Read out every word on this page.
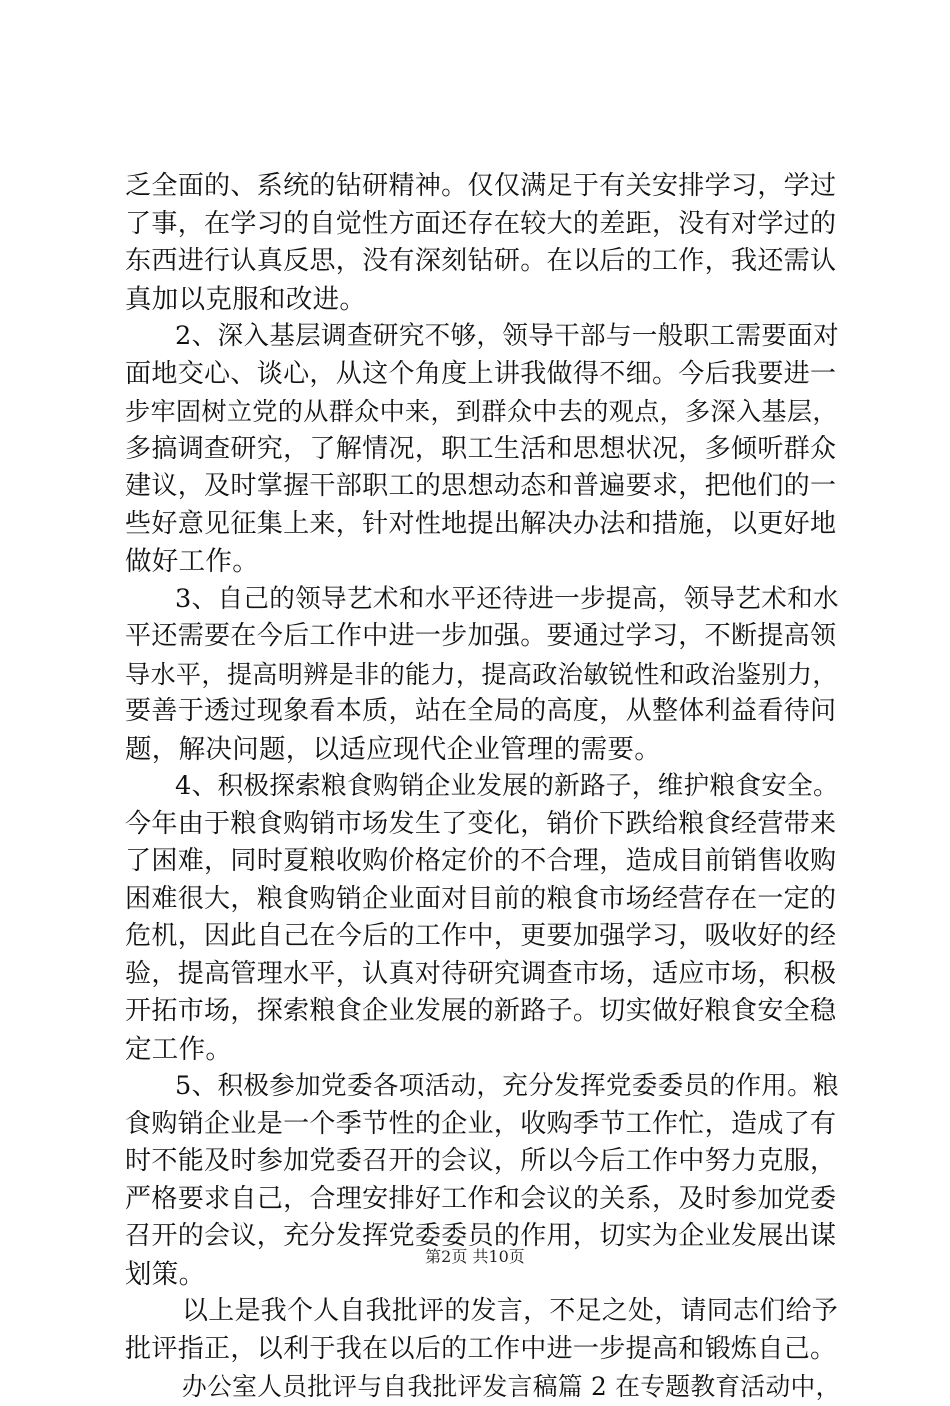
乏全面的、系统的钻研精神。仅仅满足于有关安排学习，学过
了事，在学习的自觉性方面还存在较大的差距，没有对学过的
东西进行认真反思，没有深刻钻研。在以后的工作，我还需认
真加以克服和改进。
2、深入基层调查研究不够，领导干部与一般职工需要面对
面地交心、谈心，从这个角度上讲我做得不细。今后我要进一
步牢固树立党的从群众中来，到群众中去的观点，多深入基层，
多搞调查研究，了解情况，职工生活和思想状况，多倾听群众
建议，及时掌握干部职工的思想动态和普遍要求，把他们的一
些好意见征集上来，针对性地提出解决办法和措施，以更好地
做好工作。
3、自己的领导艺术和水平还待进一步提高，领导艺术和水
平还需要在今后工作中进一步加强。要通过学习，不断提高领
导水平，提高明辨是非的能力，提高政治敏锐性和政治鉴别力，
要善于透过现象看本质，站在全局的高度，从整体利益看待问
题，解决问题，以适应现代企业管理的需要。
4、积极探索粮食购销企业发展的新路子，维护粮食安全。
今年由于粮食购销市场发生了变化，销价下跌给粮食经营带来
了困难，同时夏粮收购价格定价的不合理，造成目前销售收购
困难很大，粮食购销企业面对目前的粮食市场经营存在一定的
危机，因此自己在今后的工作中，更要加强学习，吸收好的经
验，提高管理水平，认真对待研究调查市场，适应市场，积极
开拓市场，探索粮食企业发展的新路子。切实做好粮食安全稳
定工作。
5、积极参加党委各项活动，充分发挥党委委员的作用。粮
食购销企业是一个季节性的企业，收购季节工作忙，造成了有
时不能及时参加党委召开的会议，所以今后工作中努力克服，
严格要求自己，合理安排好工作和会议的关系，及时参加党委
召开的会议，充分发挥党委委员的作用，切实为企业发展出谋
划策。
以上是我个人自我批评的发言，不足之处，请同志们给予
批评指正，以利于我在以后的工作中进一步提高和锻炼自己。
办公室人员批评与自我批评发言稿篇 2 在专题教育活动中，
第2页 共10页
